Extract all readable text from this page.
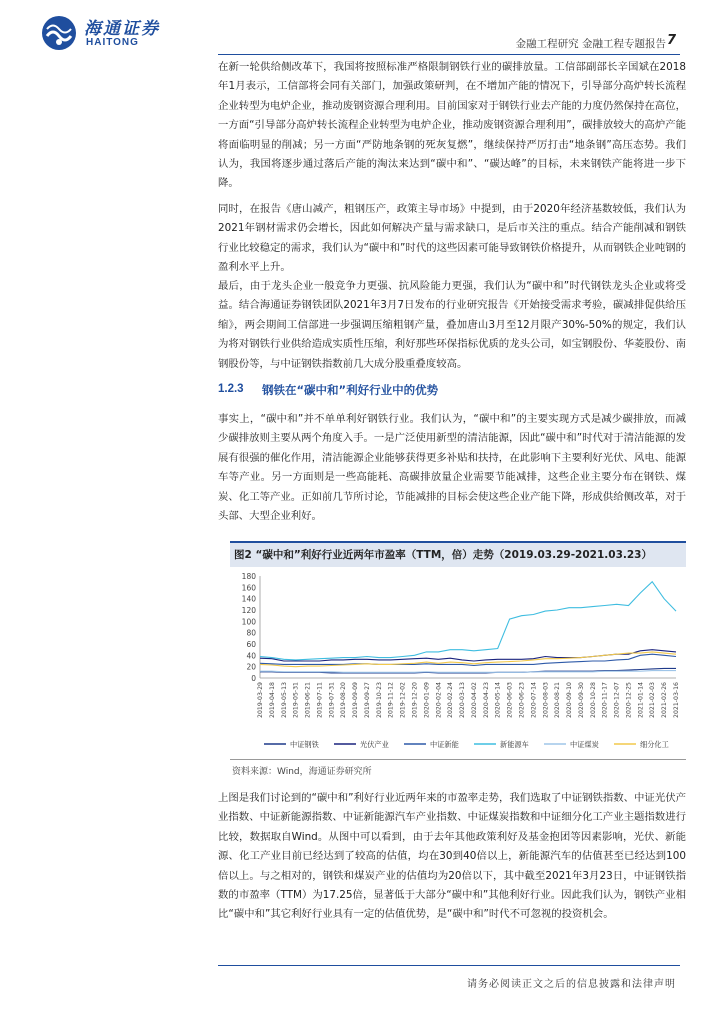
海通证券
HAITONG	金融工程研究 金融工程专题报告 7

在新一轮供给侧改革下，我国将按照标准严格限制钢铁行业的碳排放量。工信部副部长辛国斌在2018年1月表示，工信部将会同有关部门，加强政策研判，在不增加产能的情况下，引导部分高炉转长流程企业转型为电炉企业，推动废钢资源合理利用。目前国家对于钢铁行业去产能的力度仍然保持在高位，一方面“引导部分高炉转长流程企业转型为电炉企业，推动废钢资源合理利用”，碳排放较大的高炉产能将面临明显的削减；另一方面“严防地条钢的死灰复燃”，继续保持严厉打击“地条钢”高压态势。我们认为，我国将逐步通过落后产能的淘汰来达到“碳中和”、“碳达峰”的目标，未来钢铁产能将进一步下降。

同时，在报告《唐山减产，粗钢压产，政策主导市场》中提到，由于2020年经济基数较低，我们认为2021年钢材需求仍会增长，因此如何解决产量与需求缺口，是后市关注的重点。结合产能削减和钢铁行业比较稳定的需求，我们认为“碳中和”时代的这些因素可能导致钢铁价格提升，从而钢铁企业吨钢的盈利水平上升。

最后，由于龙头企业一般竞争力更强、抗风险能力更强，我们认为“碳中和”时代钢铁龙头企业或将受益。结合海通证券钢铁团队2021年3月7日发布的行业研究报告《开始接受需求考验，碳减排促供给压缩》，两会期间工信部进一步强调压缩粗钢产量，叠加唐山3月至12月限产30%-50%的规定，我们认为将对钢铁行业供给造成实质性压缩，利好那些环保指标优质的龙头公司，如宝钢股份、华菱股份、南钢股份等，与中证钢铁指数前几大成分股重叠度较高。

1.2.3 钢铁在“碳中和”利好行业中的优势

事实上，“碳中和”并不单单利好钢铁行业。我们认为，“碳中和”的主要实现方式是减少碳排放，而减少碳排放则主要从两个角度入手。一是广泛使用新型的清洁能源，因此“碳中和”时代对于清洁能源的发展有很强的催化作用，清洁能源企业能够获得更多补贴和扶持，在此影响下主要利好光伏、风电、能源车等产业。另一方面则是一些高能耗、高碳排放量企业需要节能减排，这些企业主要分布在钢铁、煤炭、化工等产业。正如前几节所讨论，节能减排的目标会使这些企业产能下降，形成供给侧改革，对于头部、大型企业利好。

图2 “碳中和”利好行业近两年市盈率（TTM，倍）走势（2019.03.29-2021.03.23）
0
20
40
60
80
100
120
140
160
180
2019-03-29 2019-04-18 2019-05-13 2019-05-31 2019-06-21 2019-07-11 2019-07-31 2019-08-20 2019-09-09 2019-09-27 2019-10-23 2019-11-12 2019-12-02 2019-12-20 2020-01-09 2020-02-04 2020-02-24 2020-03-13 2020-04-02 2020-04-23 2020-05-14 2020-06-03 2020-06-23 2020-07-14 2020-08-03 2020-08-21 2020-09-10 2020-09-30 2020-10-28 2020-11-17 2020-12-07 2020-12-25 2021-01-14 2021-02-03 2021-02-26 2021-03-16
中证钢铁	光伏产业	中证新能	新能源车	中证煤炭	细分化工
资料来源：Wind，海通证券研究所

上图是我们讨论到的“碳中和”利好行业近两年来的市盈率走势，我们选取了中证钢铁指数、中证光伏产业指数、中证新能源指数、中证新能源汽车产业指数、中证煤炭指数和中证细分化工产业主题指数进行比较，数据取自Wind。从图中可以看到，由于去年其他政策利好及基金抱团等因素影响，光伏、新能源、化工产业目前已经达到了较高的估值，均在30到40倍以上，新能源汽车的估值甚至已经达到100倍以上。与之相对的，钢铁和煤炭产业的估值均为20倍以下，其中截至2021年3月23日，中证钢铁指数的市盈率（TTM）为17.25倍，显著低于大部分“碳中和”其他利好行业。因此我们认为，钢铁产业相比“碳中和”其它利好行业具有一定的估值优势，是“碳中和”时代不可忽视的投资机会。

请务必阅读正文之后的信息披露和法律声明
